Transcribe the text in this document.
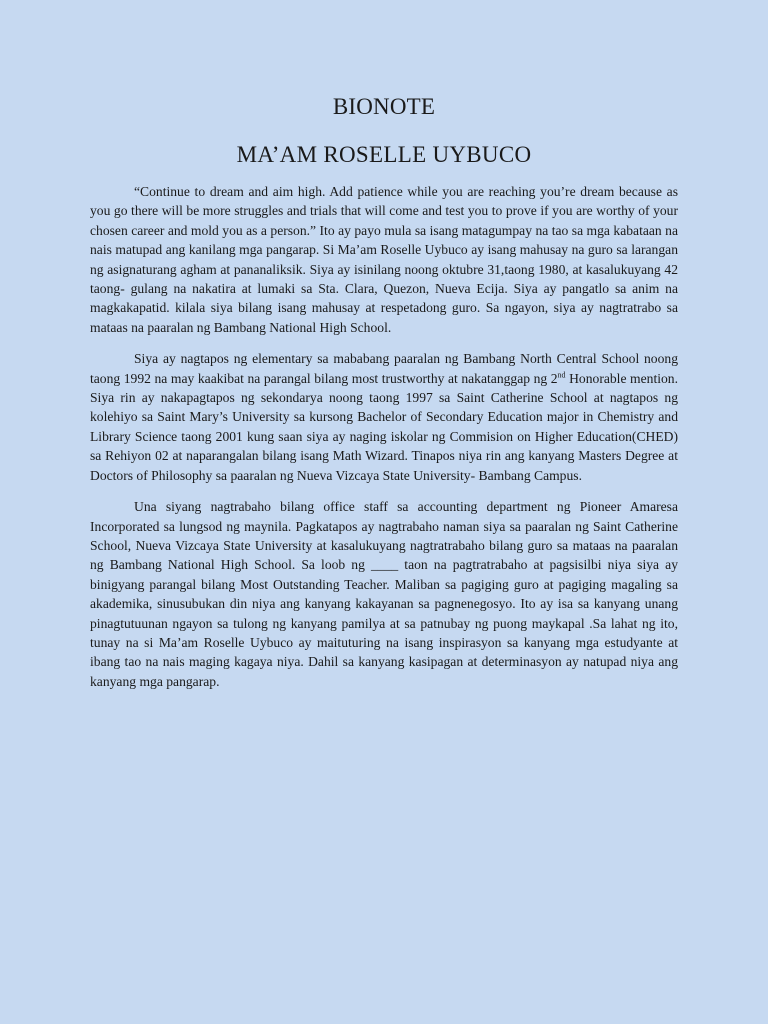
BIONOTE
MA’AM ROSELLE UYBUCO

“Continue to dream and aim high. Add patience while you are reaching you’re dream because as you go there will be more struggles and trials that will come and test you to prove if you are worthy of your chosen career and mold you as a person.” Ito ay payo mula sa isang matagumpay na tao sa mga kabataan na nais matupad ang kanilang mga pangarap. Si Ma’am Roselle Uybuco ay isang mahusay na guro sa larangan ng asignaturang agham at pananaliksik. Siya ay isinilang noong oktubre 31,taong 1980, at kasalukuyang 42 taong- gulang na nakatira at lumaki sa Sta. Clara, Quezon, Nueva Ecija. Siya ay pangatlo sa anim na magkakapatid. kilala siya bilang isang mahusay at respetadong guro. Sa ngayon, siya ay nagtratrabo sa mataas na paaralan ng Bambang National High School.

Siya ay nagtapos ng elementary sa mababang paaralan ng Bambang North Central School noong taong 1992 na may kaakibat na parangal bilang most trustworthy at nakatanggap ng 2nd Honorable mention. Siya rin ay nakapagtapos ng sekondarya noong taong 1997 sa Saint Catherine School at nagtapos ng kolehiyo sa Saint Mary’s University sa kursong Bachelor of Secondary Education major in Chemistry and Library Science taong 2001 kung saan siya ay naging iskolar ng Commision on Higher Education(CHED) sa Rehiyon 02 at naparangalan bilang isang Math Wizard. Tinapos niya rin ang kanyang Masters Degree at Doctors of Philosophy sa paaralan ng Nueva Vizcaya State University- Bambang Campus.

Una siyang nagtrabaho bilang office staff sa accounting department ng Pioneer Amaresa Incorporated sa lungsod ng maynila. Pagkatapos ay nagtrabaho naman siya sa paaralan ng Saint Catherine School, Nueva Vizcaya State University at kasalukuyang nagtratrabaho bilang guro sa mataas na paaralan ng Bambang National High School. Sa loob ng ____ taon na pagtratrabaho at pagsisilbi niya siya ay binigyang parangal bilang Most Outstanding Teacher. Maliban sa pagiging guro at pagiging magaling sa akademika, sinusubukan din niya ang kanyang kakayanan sa pagnenegosyo. Ito ay isa sa kanyang unang pinagtutuunan ngayon sa tulong ng kanyang pamilya at sa patnubay ng puong maykapal .Sa lahat ng ito, tunay na si Ma’am Roselle Uybuco ay maituturing na isang inspirasyon sa kanyang mga estudyante at ibang tao na nais maging kagaya niya. Dahil sa kanyang kasipagan at determinasyon ay natupad niya ang kanyang mga pangarap.
